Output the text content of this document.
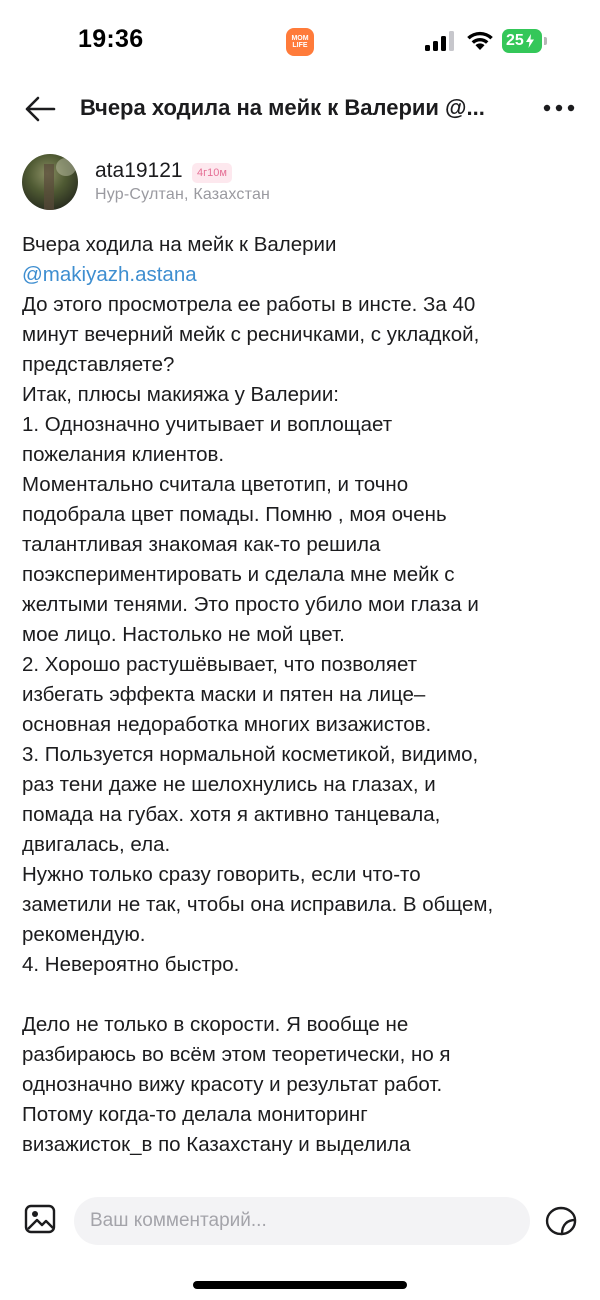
19:36	MOM
LIFE	25
Вчера ходила на мейк к Валерии @...
ata19121	4г10м
Нур-Султан, Казахстан
Вчера ходила на мейк к Валерии
@makiyazh.astana
До этого просмотрела ее работы в инсте. За 40
минут вечерний мейк с ресничками, с укладкой,
представляете?
Итак, плюсы макияжа у Валерии:
1. Однозначно учитывает и воплощает
пожелания клиентов.
Моментально считала цветотип, и точно
подобрала цвет помады. Помню , моя очень
талантливая знакомая как-то решила
поэкспериментировать и сделала мне мейк с
желтыми тенями. Это просто убило мои глаза и
мое лицо. Настолько не мой цвет.
2. Хорошо растушёвывает, что позволяет
избегать эффекта маски и пятен на лице–
основная недоработка многих визажистов.
3. Пользуется нормальной косметикой, видимо,
раз тени даже не шелохнулись на глазах, и
помада на губах. хотя я активно танцевала,
двигалась, ела.
Нужно только сразу говорить, если что-то
заметили не так, чтобы она исправила. В общем,
рекомендую.
4. Невероятно быстро.
Дело не только в скорости. Я вообще не
разбираюсь во всём этом теоретически, но я
однозначно вижу красоту и результат работ.
Потому когда-то делала мониторинг
визажисток_в по Казахстану и выделила
Ваш комментарий...
